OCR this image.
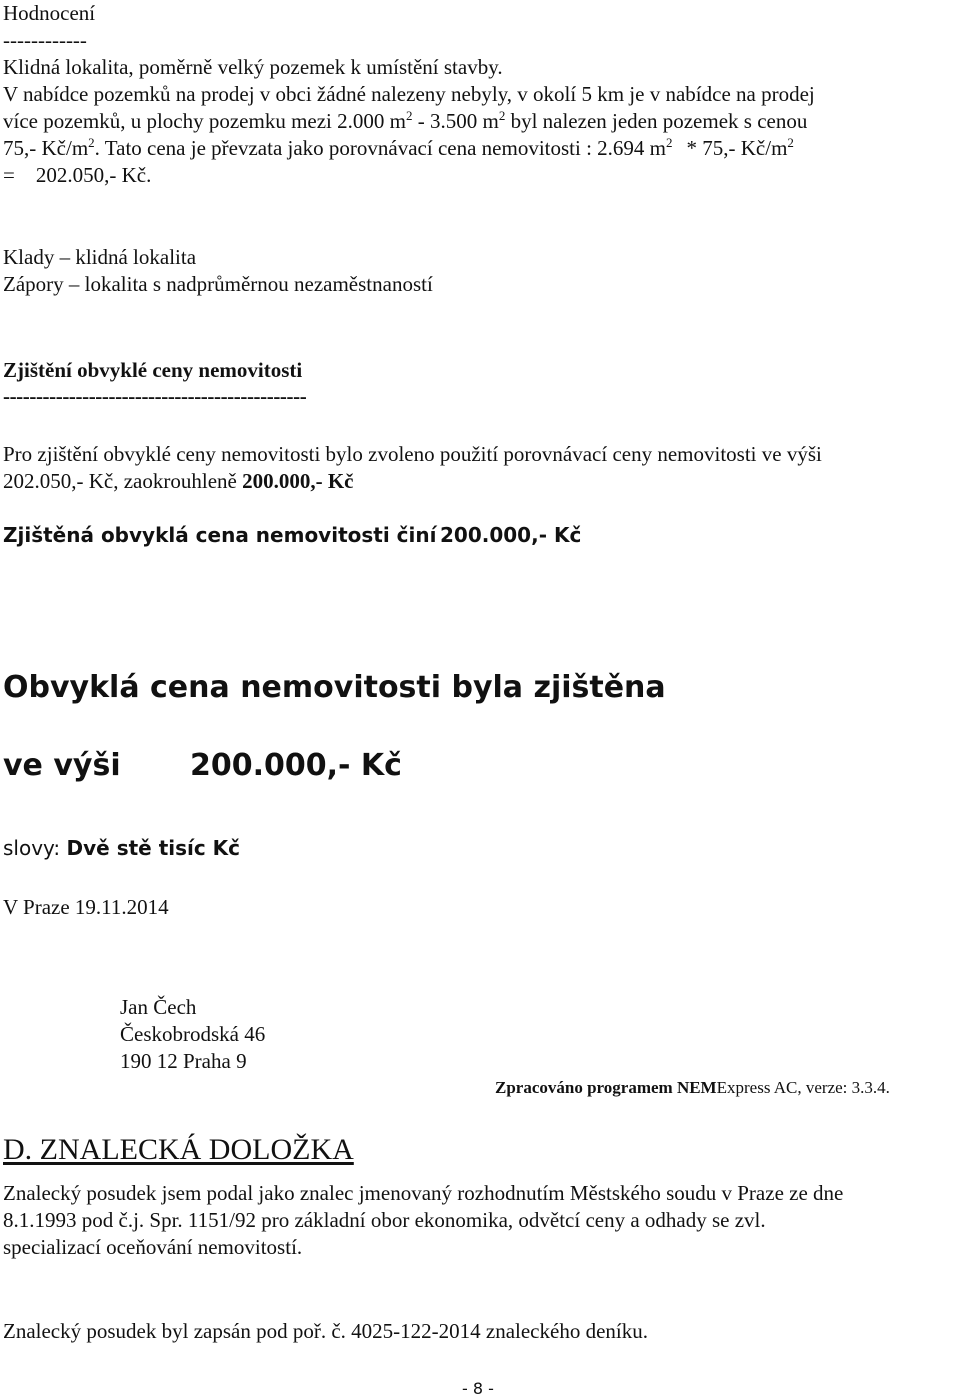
Hodnocení
------------
Klidná lokalita, poměrně velký pozemek k umístění stavby.
V nabídce pozemků na prodej v obci žádné nalezeny nebyly, v okolí 5 km je v nabídce na prodej
více pozemků, u plochy pozemku mezi 2.000 $m^2 - 3.500$ $m^2$ byl nalezen jeden pozemek s cenou
75,- $Kč/m^2$. Tato cena je převzata jako porovnávací cena nemovitosti : 2.694 $m^2 * 75,-$ $Kč/m^2$
=    202.050,- Kč.
Klady – klidná lokalita
Zápory – lokalita s nadprůměrnou nezaměstnaností
Zjištění obvyklé ceny nemovitosti
----------------------------------------------
Pro zjištění obvyklé ceny nemovitosti bylo zvoleno použití porovnávací ceny nemovitosti ve výši
202.050,- Kč, zaokrouhleně 200.000,- Kč
Zjištěná obvyklá cena nemovitosti činí 200.000,- Kč
Obvyklá cena nemovitosti byla zjištěna
ve výši 200.000,- Kč
slovy: Dvě stě tisíc Kč
V Praze 19.11.2014
Jan Čech
Českobrodská 46
190 12 Praha 9
Zpracováno programem NEMExpress AC, verze: 3.3.4.
D. ZNALECKÁ DOLOŽKA
Znalecký posudek jsem podal jako znalec jmenovaný rozhodnutím Městského soudu v Praze ze dne
8.1.1993 pod č.j. Spr. 1151/92 pro základní obor ekonomika, odvětcí ceny a odhady se zvl.
specializací oceňování nemovitostí.
Znalecký posudek byl zapsán pod poř. č. 4025-122-2014 znaleckého deníku.
- 8 -
